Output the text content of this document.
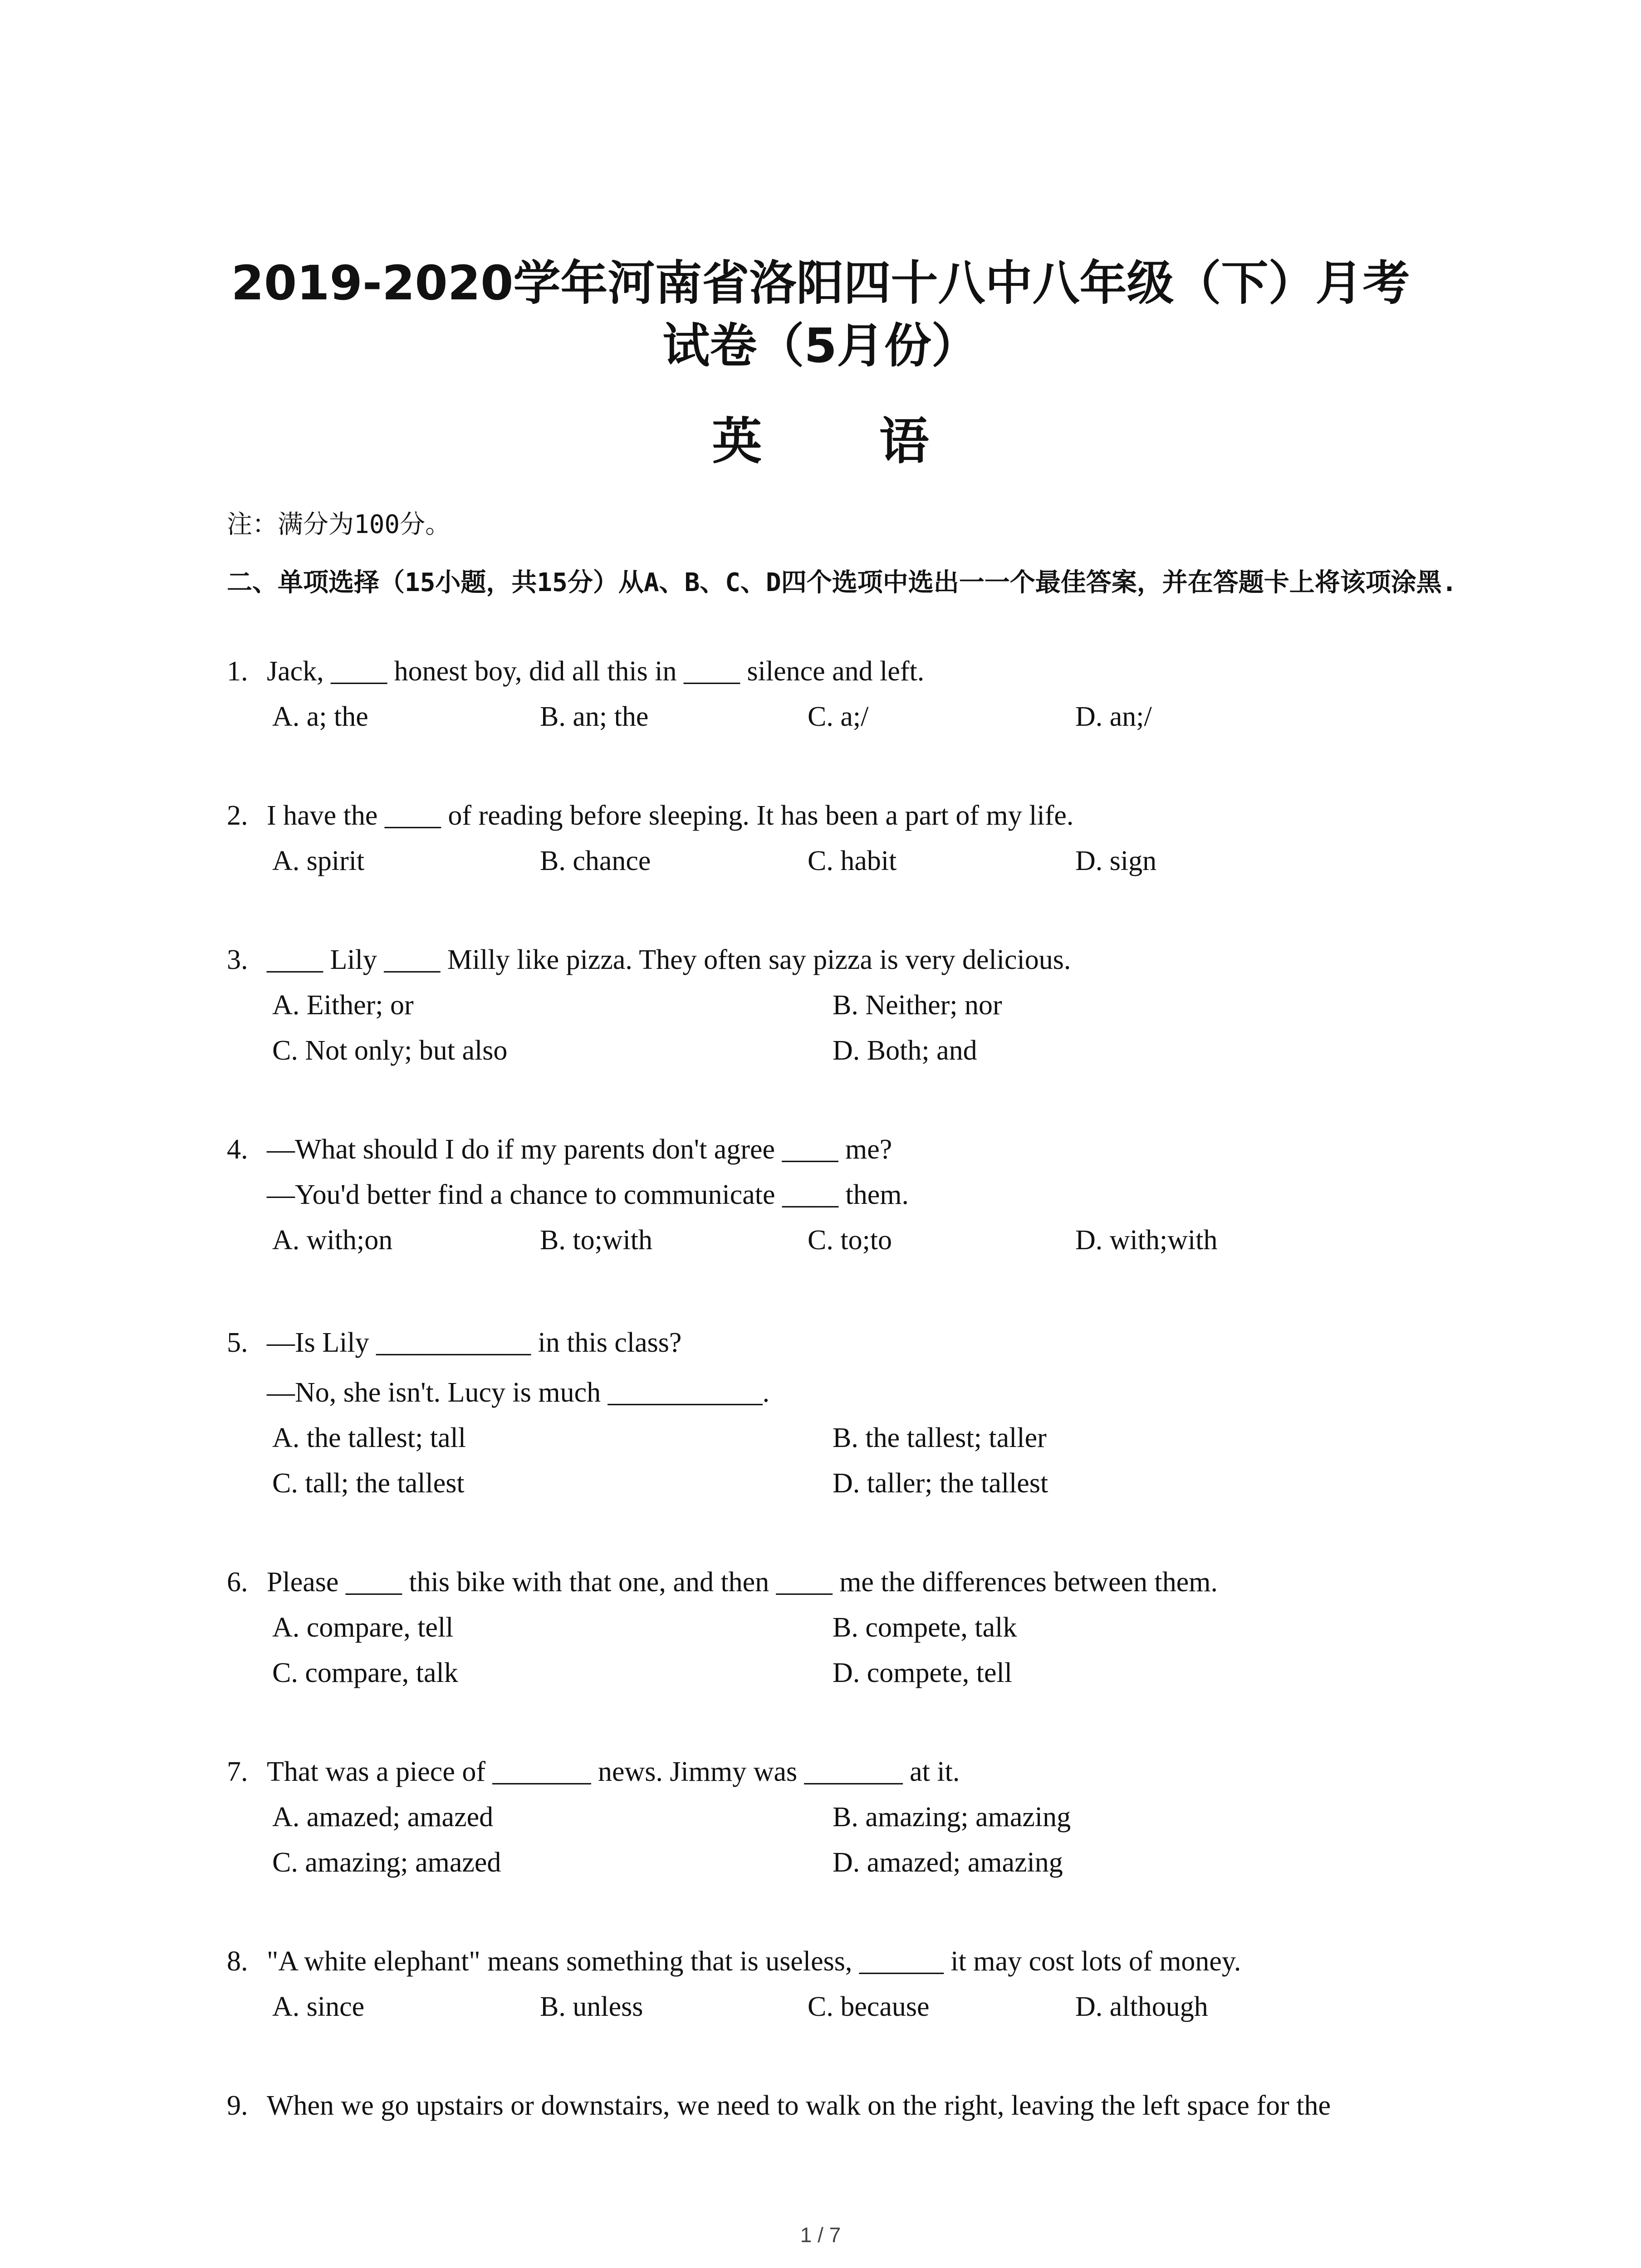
2019-2020学年河南省洛阳四十八中八年级（下）月考
试卷（5月份）
英 语
注：满分为100分。
二、单项选择（15小题，共15分）从A、B、C、D四个选项中选出一一个最佳答案，并在答题卡上将该项涂黑.
1. Jack, ____ honest boy, did all this in ____ silence and left.
A. a; the	B. an; the	C. a;/	D. an;/
2. I have the ____ of reading before sleeping. It has been a part of my life.
A. spirit	B. chance	C. habit	D. sign
3. ____ Lily ____ Milly like pizza. They often say pizza is very delicious.
A. Either; or	B. Neither; nor
C. Not only; but also	D. Both; and
4. —What should I do if my parents don't agree ____ me?
—You'd better find a chance to communicate ____ them.
A. with;on	B. to;with	C. to;to	D. with;with
5. —Is Lily ___________ in this class?
—No, she isn't. Lucy is much ___________.
A. the tallest; tall	B. the tallest; taller
C. tall; the tallest	D. taller; the tallest
6. Please ____ this bike with that one, and then ____ me the differences between them.
A. compare, tell	B. compete, talk
C. compare, talk	D. compete, tell
7. That was a piece of _______ news. Jimmy was _______ at it.
A. amazed; amazed	B. amazing; amazing
C. amazing; amazed	D. amazed; amazing
8. "A white elephant" means something that is useless, ______ it may cost lots of money.
A. since	B. unless	C. because	D. although
9. When we go upstairs or downstairs, we need to walk on the right, leaving the left space for the
1 / 7
